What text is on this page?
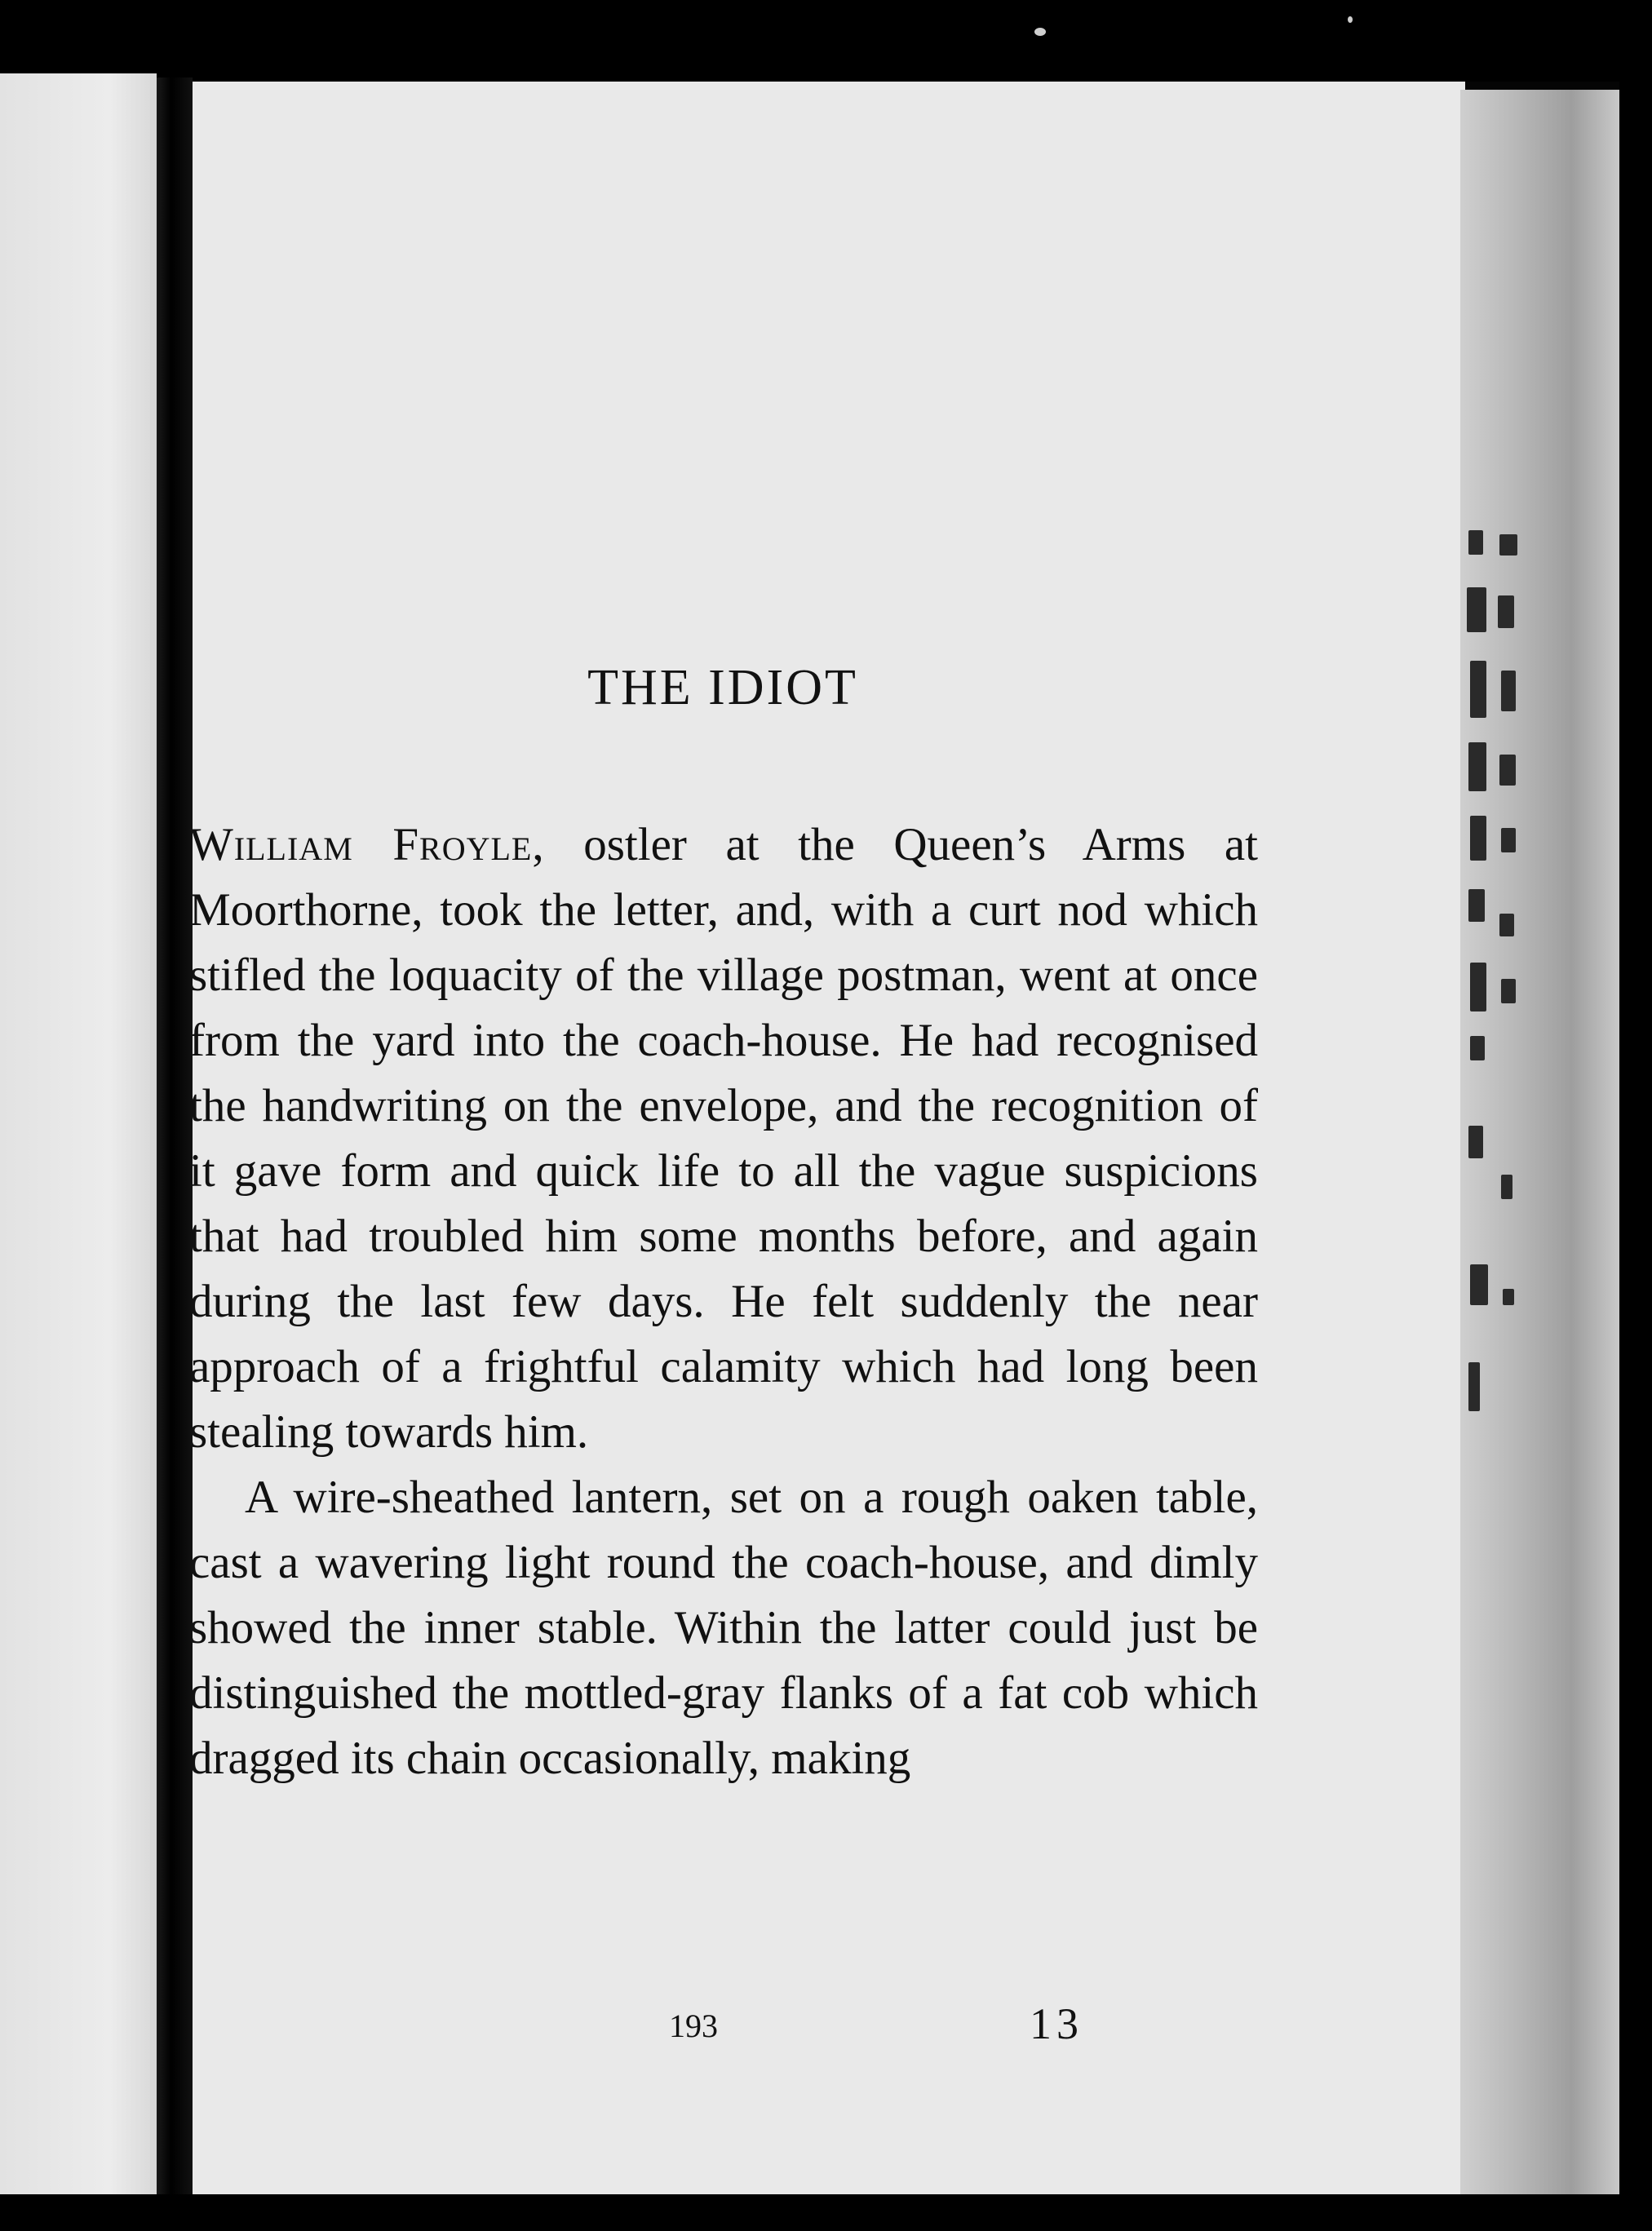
THE IDIOT

William Froyle, ostler at the Queen’s Arms at Moorthorne, took the letter, and, with a curt nod which stifled the loquacity of the village postman, went at once from the yard into the coach-house. He had recognised the handwriting on the envelope, and the recognition of it gave form and quick life to all the vague suspicions that had troubled him some months before, and again during the last few days. He felt suddenly the near approach of a frightful calamity which had long been stealing towards him.

A wire-sheathed lantern, set on a rough oaken table, cast a wavering light round the coach-house, and dimly showed the inner stable. Within the latter could just be distinguished the mottled-gray flanks of a fat cob which dragged its chain occasionally, making

193	13
